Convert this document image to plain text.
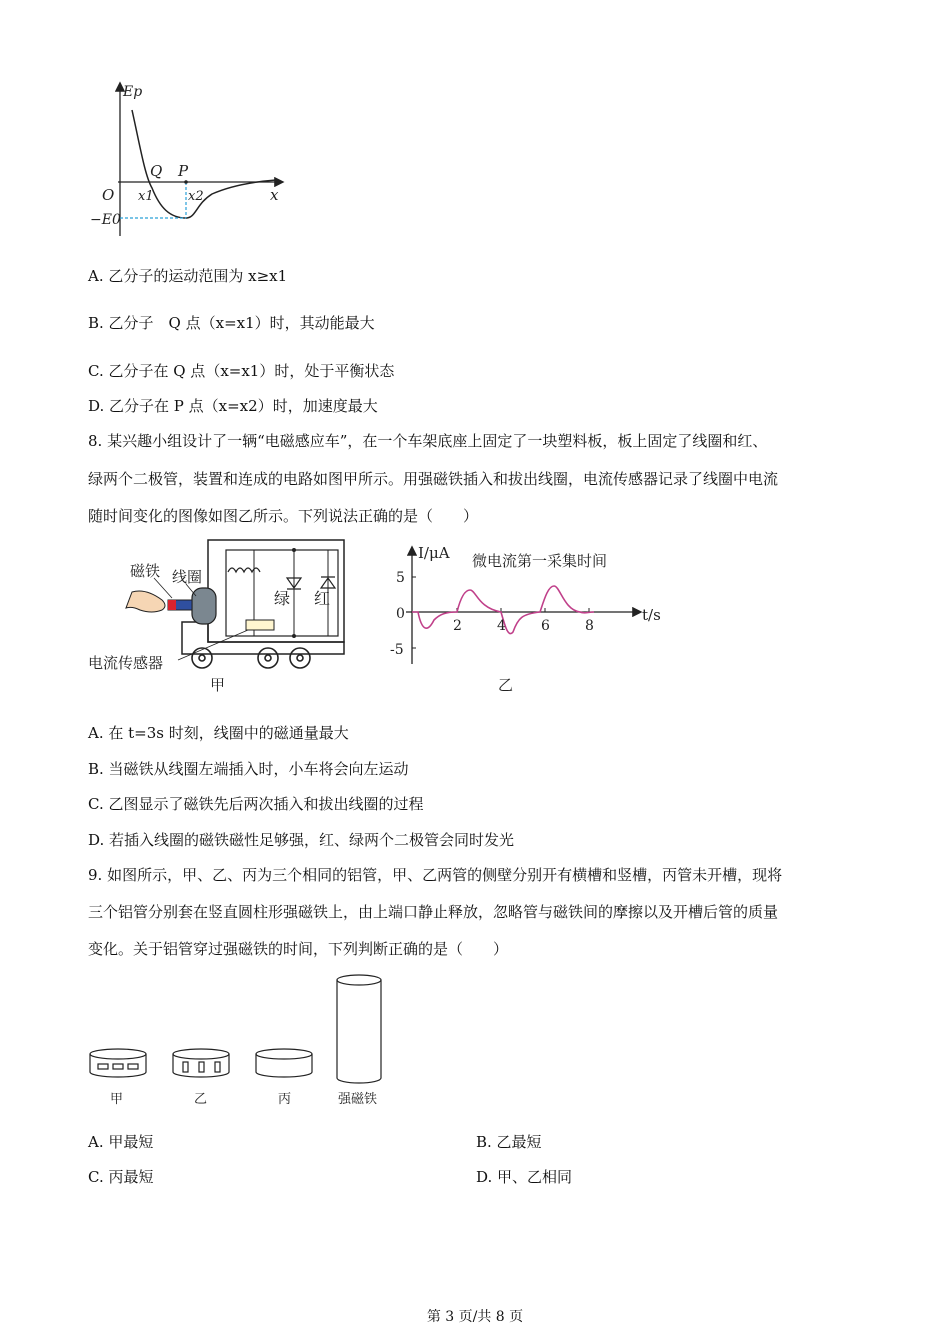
Ep
x
O
Q P
x1	x2
−E0
A. 乙分子的运动范围为 x≥x1
B. 乙分子　Q 点（x=x1）时，其动能最大
C. 乙分子在 Q 点（x=x1）时，处于平衡状态
D. 乙分子在 P 点（x=x2）时，加速度最大
8. 某兴趣小组设计了一辆“电磁感应车”，在一个车架底座上固定了一块塑料板，板上固定了线圈和红、
绿两个二极管，装置和连成的电路如图甲所示。用强磁铁插入和拔出线圈，电流传感器记录了线圈中电流
随时间变化的图像如图乙所示。下列说法正确的是（　　）
绿 红
磁铁 线圈
电流传感器
甲
I/μA 微电流第一采集时间
t/s
5
0
-5
2	4	6	8
乙
A. 在 t=3s 时刻，线圈中的磁通量最大
B. 当磁铁从线圈左端插入时，小车将会向左运动
C. 乙图显示了磁铁先后两次插入和拔出线圈的过程
D. 若插入线圈的磁铁磁性足够强，红、绿两个二极管会同时发光
9. 如图所示，甲、乙、丙为三个相同的铝管，甲、乙两管的侧壁分别开有横槽和竖槽，丙管未开槽，现将
三个铝管分别套在竖直圆柱形强磁铁上，由上端口静止释放，忽略管与磁铁间的摩擦以及开槽后管的质量
变化。关于铝管穿过强磁铁的时间，下列判断正确的是（　　）
甲	乙	丙	强磁铁
A. 甲最短	B. 乙最短
C. 丙最短	D. 甲、乙相同
第 3 页/共 8 页
